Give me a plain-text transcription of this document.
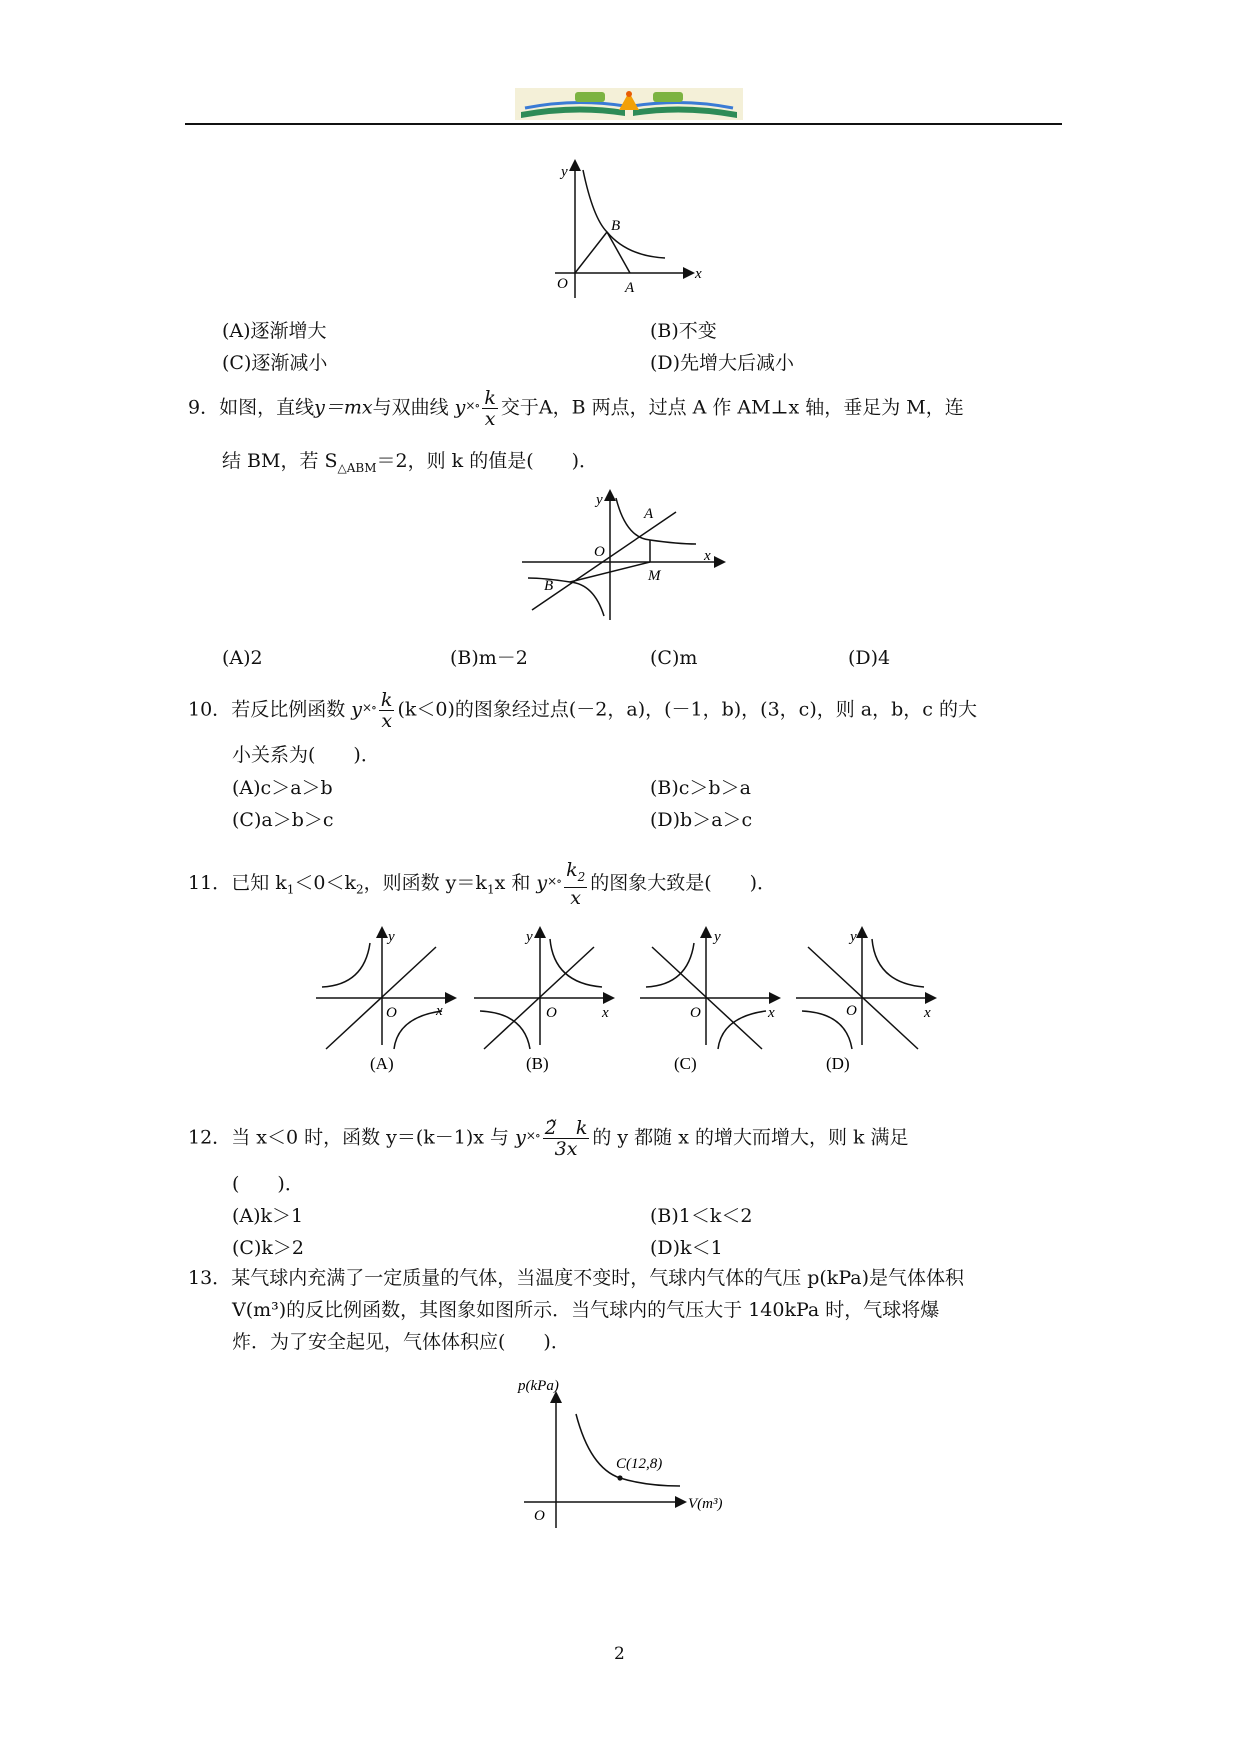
y
x
O	A
B
(A)逐渐增大	(B)不变
(C)逐渐减小	(D)先增大后减小
9．如图，直线y＝mx与双曲线 $y^{\times\circ} \frac{k}{x}$ 交于A，B 两点，过点 A 作 AM⊥x 轴，垂足为 M，连
结 BM，若 $S_{\triangle ABM}=2$，则 k 的值是(　　)．
y
x
O
A
B
M
(A)2	(B)m－2	(C)m	(D)4
10．若反比例函数 $y^{\times\circ} \frac{k}{x} (k<0)$的图象经过点(－2，a)，(－1，b)，(3，c)，则 a，b，c 的大
小关系为(　　)．
(A)c＞a＞b	(B)c＞b＞a
(C)a＞b＞c	(D)b＞a＞c
11．已知 $k_1<0<k_2$，则函数 $y=k_1x$ 和 $y^{\times\circ} \frac{k_2}{x}$ 的图象大致是(　　)．
y
x
O
(A)
y
x
O
(B)
y
x
O
(C)
y
x
O
(D)
12．当 x＜0 时，函数 y＝(k－1)x 与 $y^{\times\circ} \frac{2̃ k}{3x}$ 的 y 都随 x 的增大而增大，则 k 满足
(　　)．
(A)k＞1	(B)1＜k＜2
(C)k＞2	(D)k＜1
13．某气球内充满了一定质量的气体，当温度不变时，气球内气体的气压 p(kPa)是气体体积
V(m³)的反比例函数，其图象如图所示．当气球内的气压大于 140kPa 时，气球将爆
炸．为了安全起见，气体体积应(　　)．
p(kPa)
V(m³)
O
C(12,8)
2
